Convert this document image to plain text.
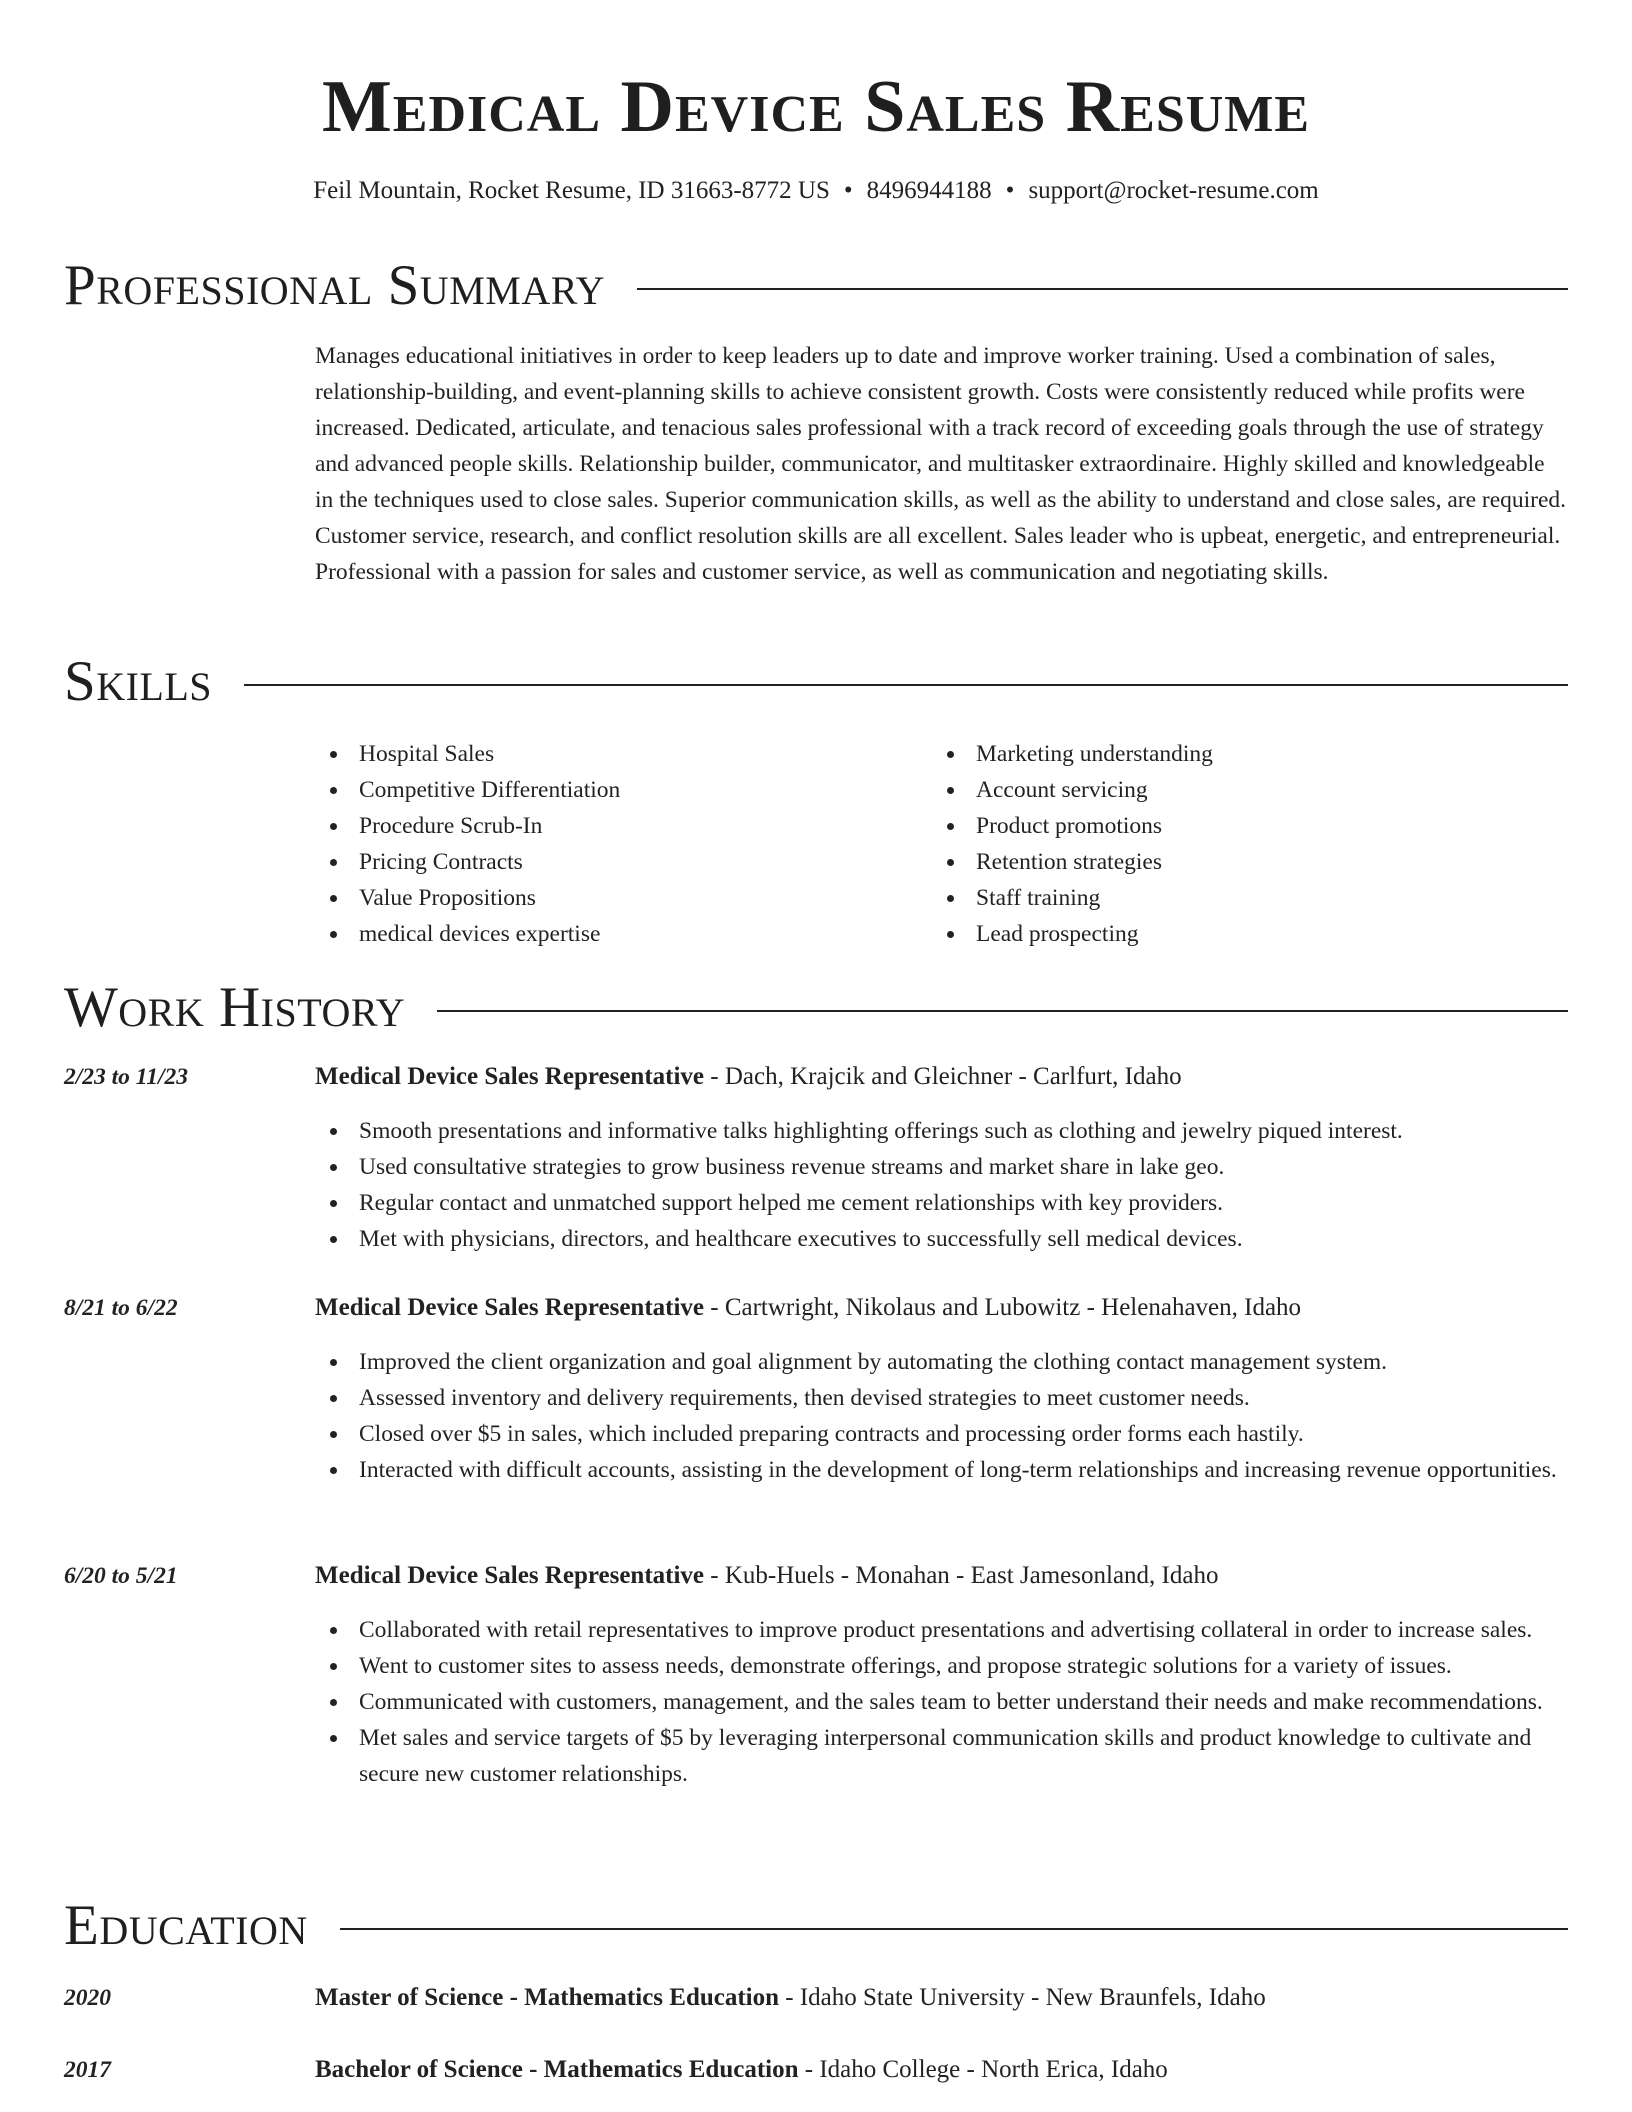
Medical Device Sales Resume
Feil Mountain, Rocket Resume, ID 31663-8772 US • 8496944188 • support@rocket-resume.com
Professional Summary

Manages educational initiatives in order to keep leaders up to date and improve worker training. Used a combination of sales, relationship-building, and event-planning skills to achieve consistent growth. Costs were consistently reduced while profits were increased. Dedicated, articulate, and tenacious sales professional with a track record of exceeding goals through the use of strategy and advanced people skills. Relationship builder, communicator, and multitasker extraordinaire. Highly skilled and knowledgeable in the techniques used to close sales. Superior communication skills, as well as the ability to understand and close sales, are required. Customer service, research, and conflict resolution skills are all excellent. Sales leader who is upbeat, energetic, and entrepreneurial. Professional with a passion for sales and customer service, as well as communication and negotiating skills.

Skills
Hospital Sales
Competitive Differentiation
Procedure Scrub-In
Pricing Contracts
Value Propositions
medical devices expertise
Marketing understanding
Account servicing
Product promotions
Retention strategies
Staff training
Lead prospecting
Work History
2/23 to 11/23	Medical Device Sales Representative - Dach, Krajcik and Gleichner - Carlfurt, Idaho
Smooth presentations and informative talks highlighting offerings such as clothing and jewelry piqued interest.
Used consultative strategies to grow business revenue streams and market share in lake geo.
Regular contact and unmatched support helped me cement relationships with key providers.
Met with physicians, directors, and healthcare executives to successfully sell medical devices.
8/21 to 6/22	Medical Device Sales Representative - Cartwright, Nikolaus and Lubowitz - Helenahaven, Idaho
Improved the client organization and goal alignment by automating the clothing contact management system.
Assessed inventory and delivery requirements, then devised strategies to meet customer needs.
Closed over $5 in sales, which included preparing contracts and processing order forms each hastily.
Interacted with difficult accounts, assisting in the development of long-term relationships and increasing revenue opportunities.
6/20 to 5/21	Medical Device Sales Representative - Kub-Huels - Monahan - East Jamesonland, Idaho
Collaborated with retail representatives to improve product presentations and advertising collateral in order to increase sales.
Went to customer sites to assess needs, demonstrate offerings, and propose strategic solutions for a variety of issues.
Communicated with customers, management, and the sales team to better understand their needs and make recommendations.
Met sales and service targets of $5 by leveraging interpersonal communication skills and product knowledge to cultivate and secure new customer relationships.
Education
2020	Master of Science - Mathematics Education - Idaho State University - New Braunfels, Idaho
2017	Bachelor of Science - Mathematics Education - Idaho College - North Erica, Idaho
